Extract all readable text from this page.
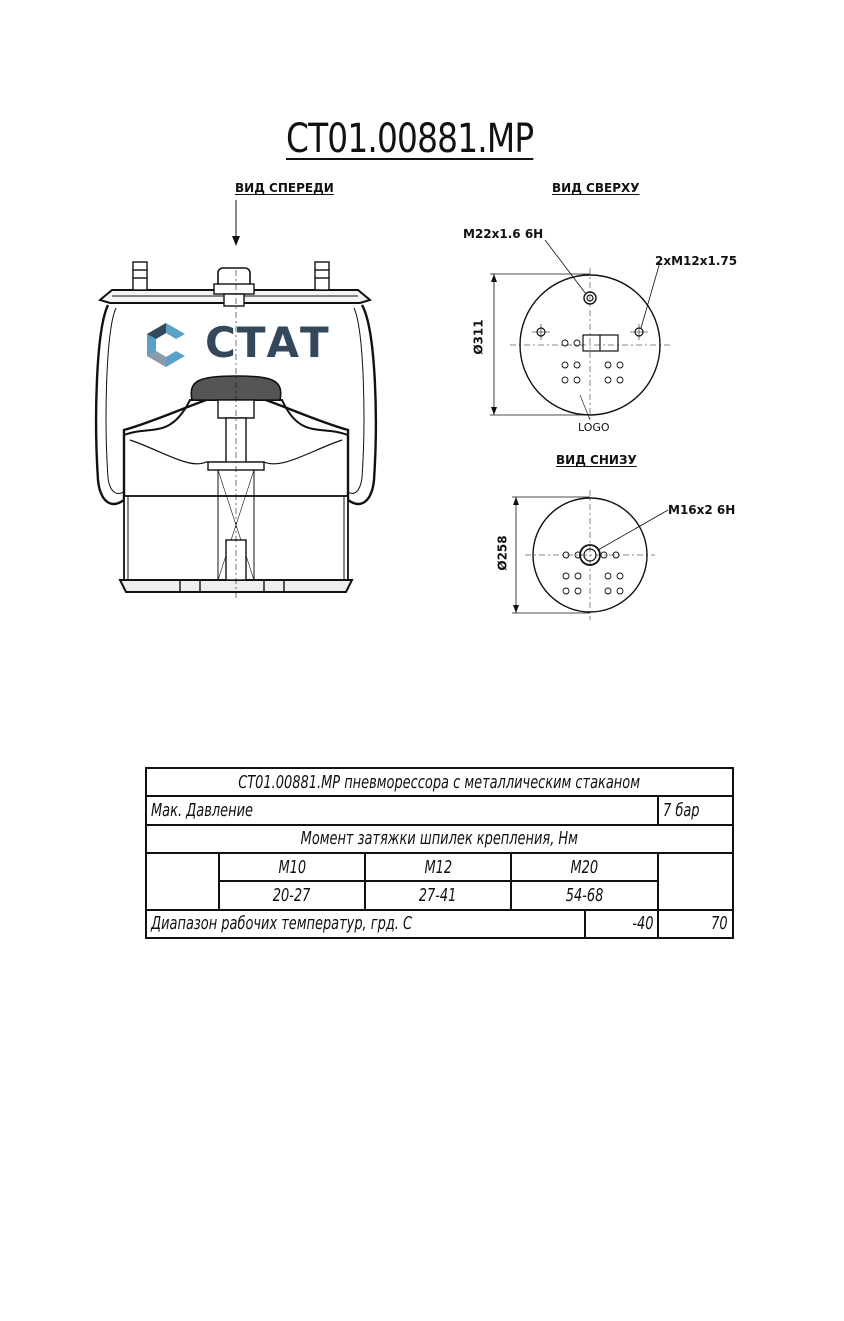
CT01.00881.MP
ВИД СПЕРЕДИ	ВИД СВЕРХУ
ВИД СНИЗУ
M22x1.6 6H
2xM12x1.75
M16x2 6H
LOGO
Ø311
Ø258
СТАТ
CT01.00881.MP пневморессора с металлическим стаканом					
Мак. Давление					7 бар
Момент затяжки шпилек крепления, Нм					
	M10	M12	M20		
	20-27	27-41	54-68		
Диапазон рабочих температур, грд. С				-40	70
